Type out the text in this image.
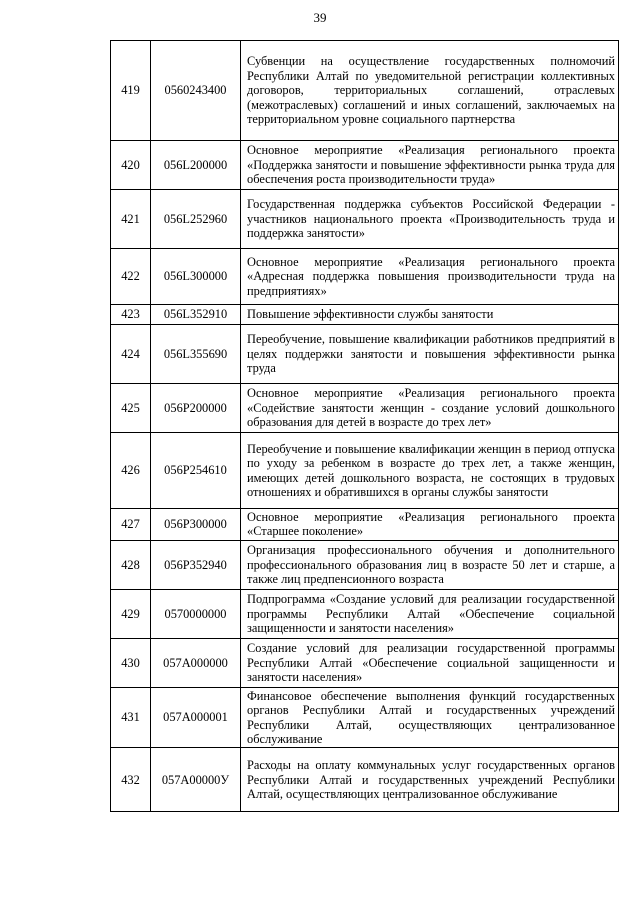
39
419	0560243400	Субвенции на осуществление государственных полномочий Республики Алтай по уведомительной регистрации коллективных договоров, территориальных соглашений, отраслевых (межотраслевых) соглашений и иных соглашений, заключаемых на территориальном уровне социального партнерства
420	056L200000	Основное мероприятие «Реализация регионального проекта «Поддержка занятости и повышение эффективности рынка труда для обеспечения роста производительности труда»
421	056L252960	Государственная поддержка субъектов Российской Федерации - участников национального проекта «Производительность труда и поддержка занятости»
422	056L300000	Основное мероприятие «Реализация регионального проекта «Адресная поддержка повышения производительности труда на предприятиях»
423	056L352910	Повышение эффективности службы занятости
424	056L355690	Переобучение, повышение квалификации работников предприятий в целях поддержки занятости и повышения эффективности рынка труда
425	056P200000	Основное мероприятие «Реализация регионального проекта «Содействие занятости женщин - создание условий дошкольного образования для детей в возрасте до трех лет»
426	056P254610	Переобучение и повышение квалификации женщин в период отпуска по уходу за ребенком в возрасте до трех лет, а также женщин, имеющих детей дошкольного возраста, не состоящих в трудовых отношениях и обратившихся в органы службы занятости
427	056P300000	Основное мероприятие «Реализация регионального проекта «Старшее поколение»
428	056P352940	Организация профессионального обучения и дополнительного профессионального образования лиц в возрасте 50 лет и старше, а также лиц предпенсионного возраста
429	0570000000	Подпрограмма «Создание условий для реализации государственной программы Республики Алтай «Обеспечение социальной защищенности и занятости населения»
430	057A000000	Создание условий для реализации государственной программы Республики Алтай «Обеспечение социальной защищенности и занятости населения»
431	057A000001	Финансовое обеспечение выполнения функций государственных органов Республики Алтай и государственных учреждений Республики Алтай, осуществляющих централизованное обслуживание
432	057A00000У	Расходы на оплату коммунальных услуг государственных органов Республики Алтай и государственных учреждений Республики Алтай, осуществляющих централизованное обслуживание
